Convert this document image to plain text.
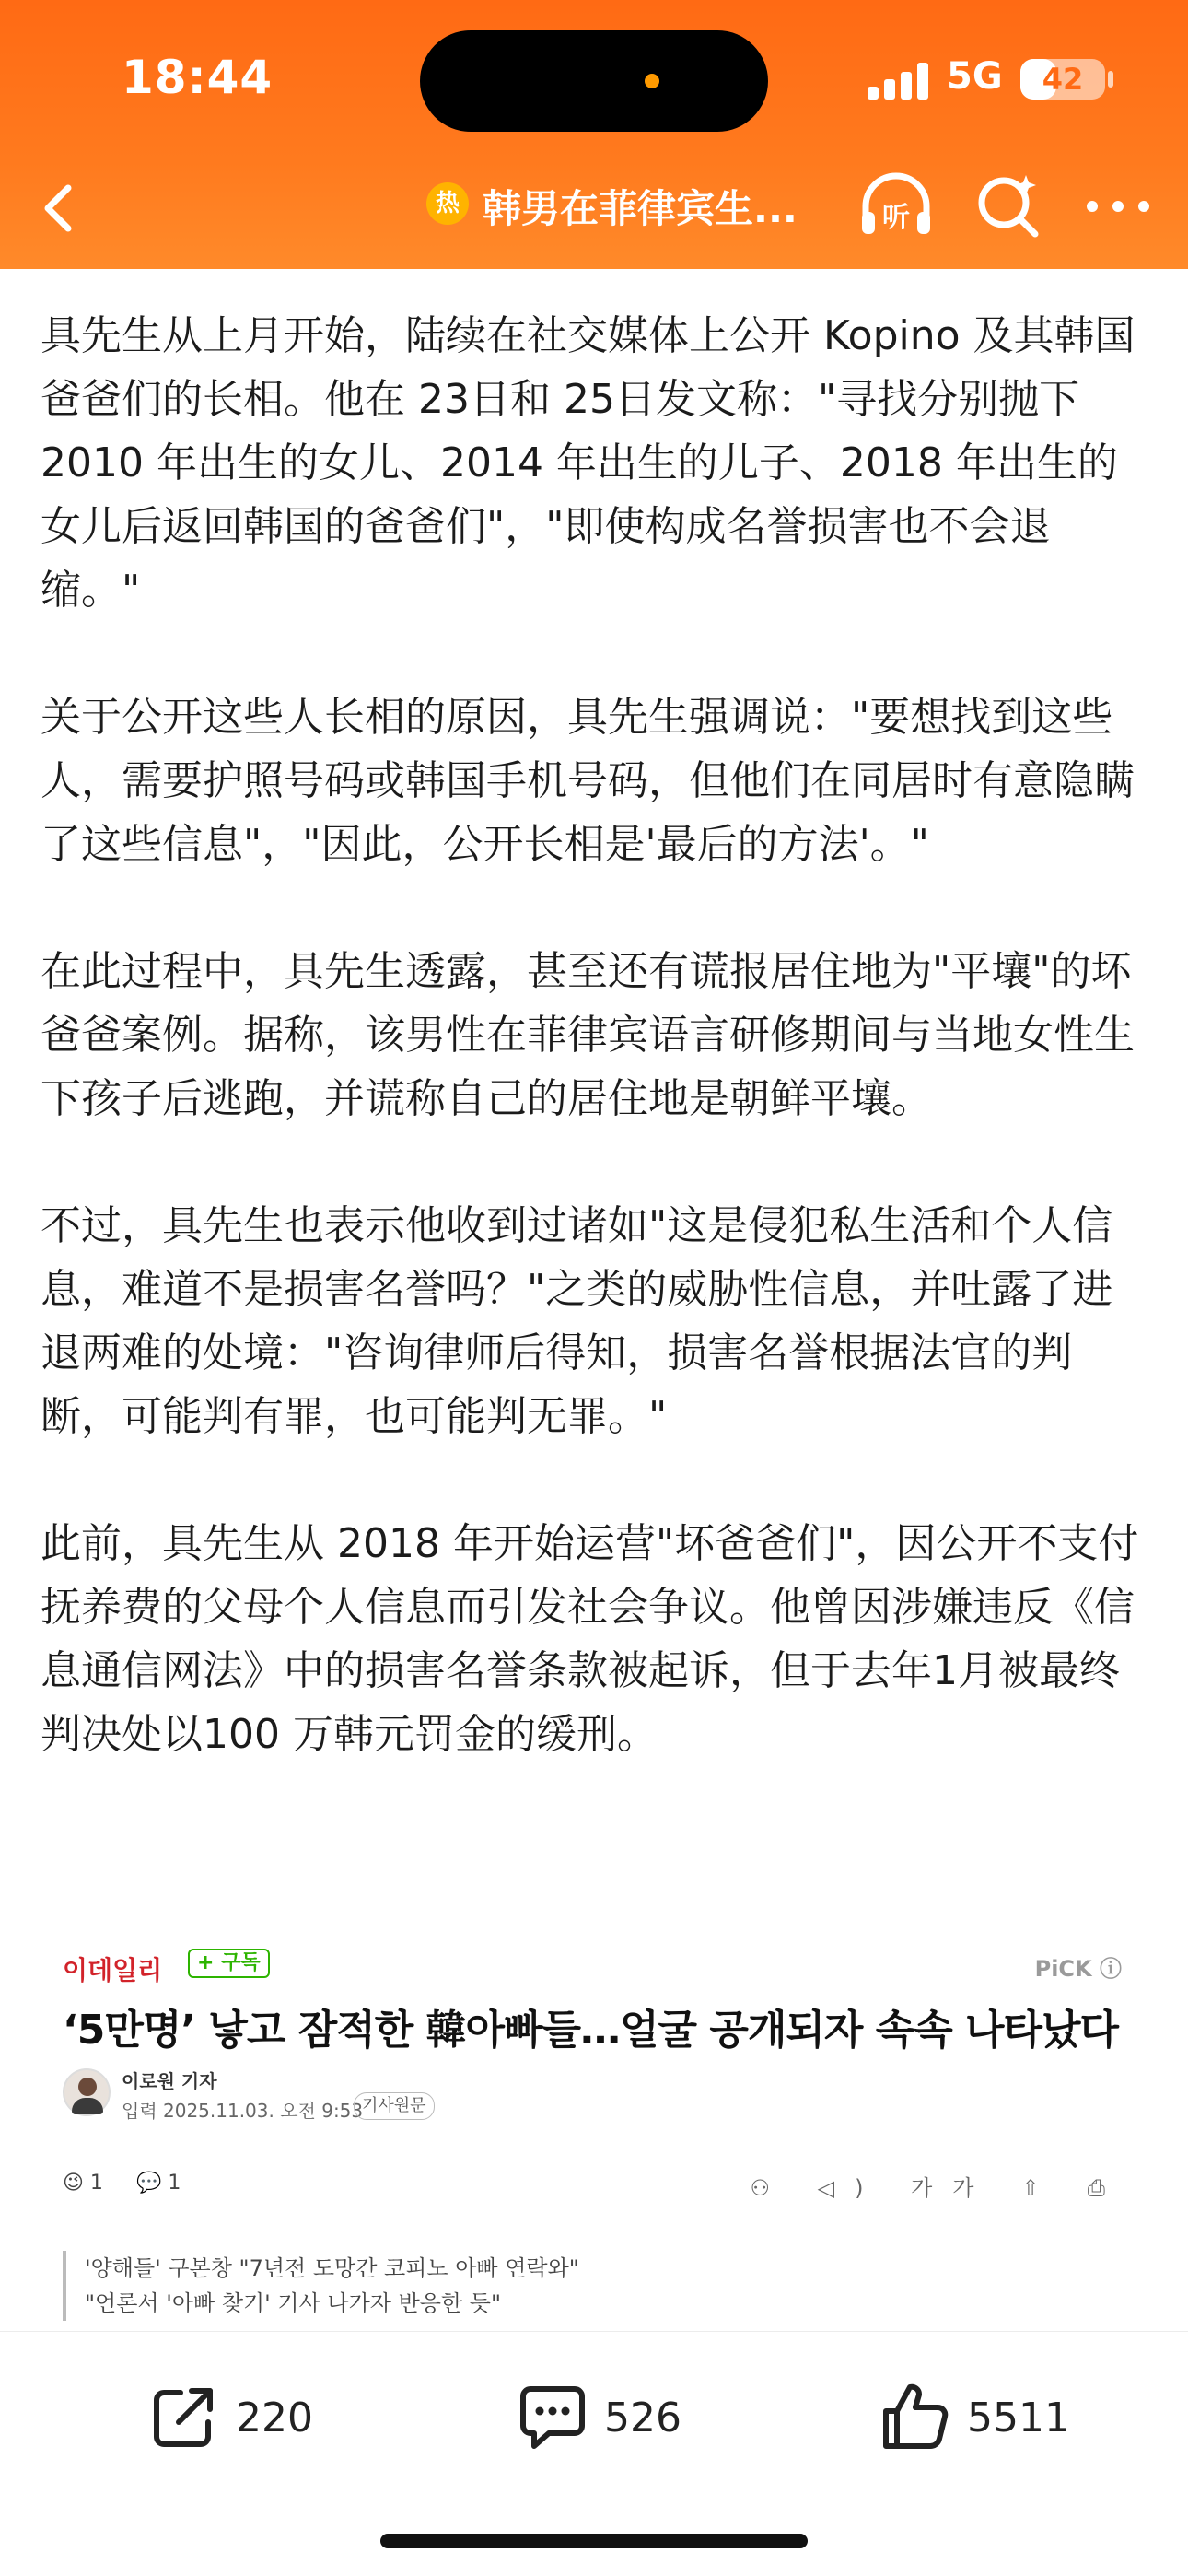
18:44	5G	42
热 韩男在菲律宾生...	听

具先生从上月开始，陆续在社交媒体上公开 Kopino 及其韩国爸爸们的长相。他在 23日和 25日发文称："寻找分别抛下 2010 年出生的女儿、2014 年出生的儿子、2018 年出生的女儿后返回韩国的爸爸们"，"即使构成名誉损害也不会退缩。"

关于公开这些人长相的原因，具先生强调说："要想找到这些人，需要护照号码或韩国手机号码，但他们在同居时有意隐瞒了这些信息"，"因此，公开长相是'最后的方法'。"

在此过程中，具先生透露，甚至还有谎报居住地为"平壤"的坏爸爸案例。据称，该男性在菲律宾语言研修期间与当地女性生下孩子后逃跑，并谎称自己的居住地是朝鲜平壤。

不过，具先生也表示他收到过诸如"这是侵犯私生活和个人信息，难道不是损害名誉吗？"之类的威胁性信息，并吐露了进退两难的处境："咨询律师后得知，损害名誉根据法官的判断，可能判有罪，也可能判无罪。"

此前，具先生从 2018 年开始运营"坏爸爸们"，因公开不支付抚养费的父母个人信息而引发社会争议。他曾因涉嫌违反《信息通信网法》中的损害名誉条款被起诉，但于去年1月被最终判决处以100 万韩元罚金的缓刑。

이데일리	+ 구독	PiCK ⓘ
‘5만명’ 낳고 잠적한 韓아빠들…얼굴 공개되자 속속 나타났다
이로원 기자
입력 2025.11.03. 오전 9:53
기사원문
😉 1 💬 1	⚇ ◁) 가가 ⇧ ⎙
'양해들' 구본창 "7년전 도망간 코피노 아빠 연락와"
"언론서 '아빠 찾기' 기사 나가자 반응한 듯"
220	526	5511
